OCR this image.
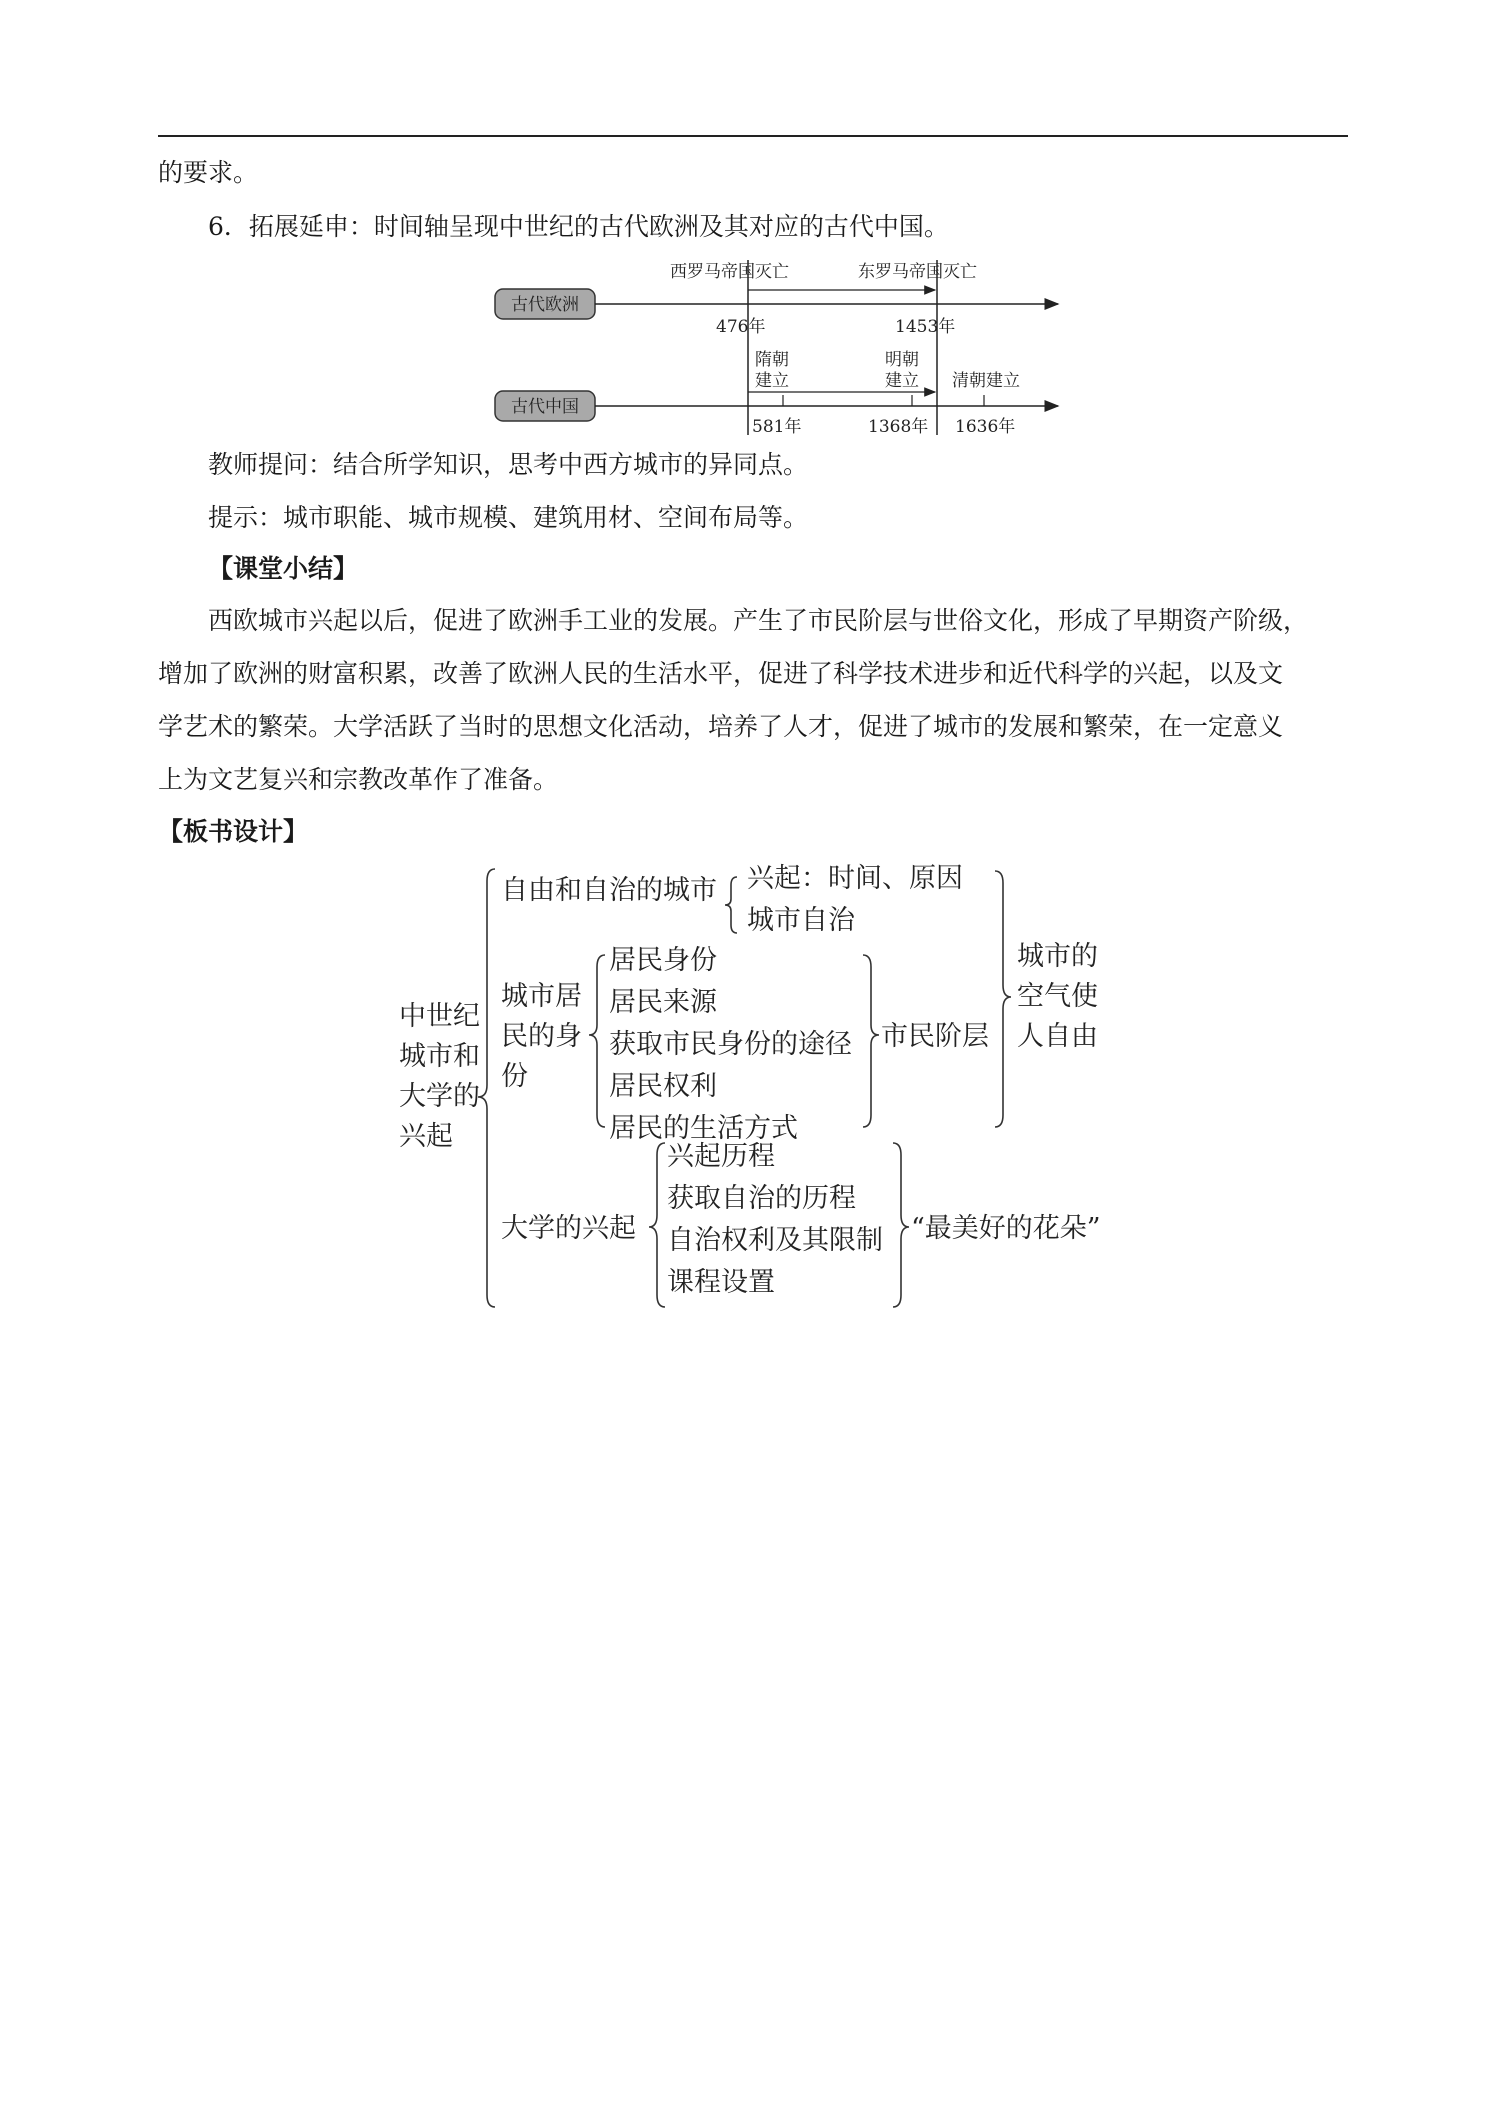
的要求。
6．拓展延申：时间轴呈现中世纪的古代欧洲及其对应的古代中国。
古代欧洲
古代中国
西罗马帝国灭亡	东罗马帝国灭亡
476年	1453年
隋朝
建立
明朝
建立 清朝建立
581年	1368年 1636年
教师提问：结合所学知识，思考中西方城市的异同点。
提示：城市职能、城市规模、建筑用材、空间布局等。
【课堂小结】
西欧城市兴起以后，促进了欧洲手工业的发展。产生了市民阶层与世俗文化，形成了早期资产阶级，
增加了欧洲的财富积累，改善了欧洲人民的生活水平，促进了科学技术进步和近代科学的兴起，以及文
学艺术的繁荣。大学活跃了当时的思想文化活动，培养了人才，促进了城市的发展和繁荣，在一定意义
上为文艺复兴和宗教改革作了准备。
【板书设计】
中世纪
城市和
大学的
兴起
自由和自治的城市 兴起：时间、原因
城市自治
城市居
民的身
份
居民身份
居民来源
获取市民身份的途径
居民权利
居民的生活方式
市民阶层
城市的
空气使
人自由
大学的兴起
兴起历程
获取自治的历程
自治权利及其限制
课程设置
“最美好的花朵”
